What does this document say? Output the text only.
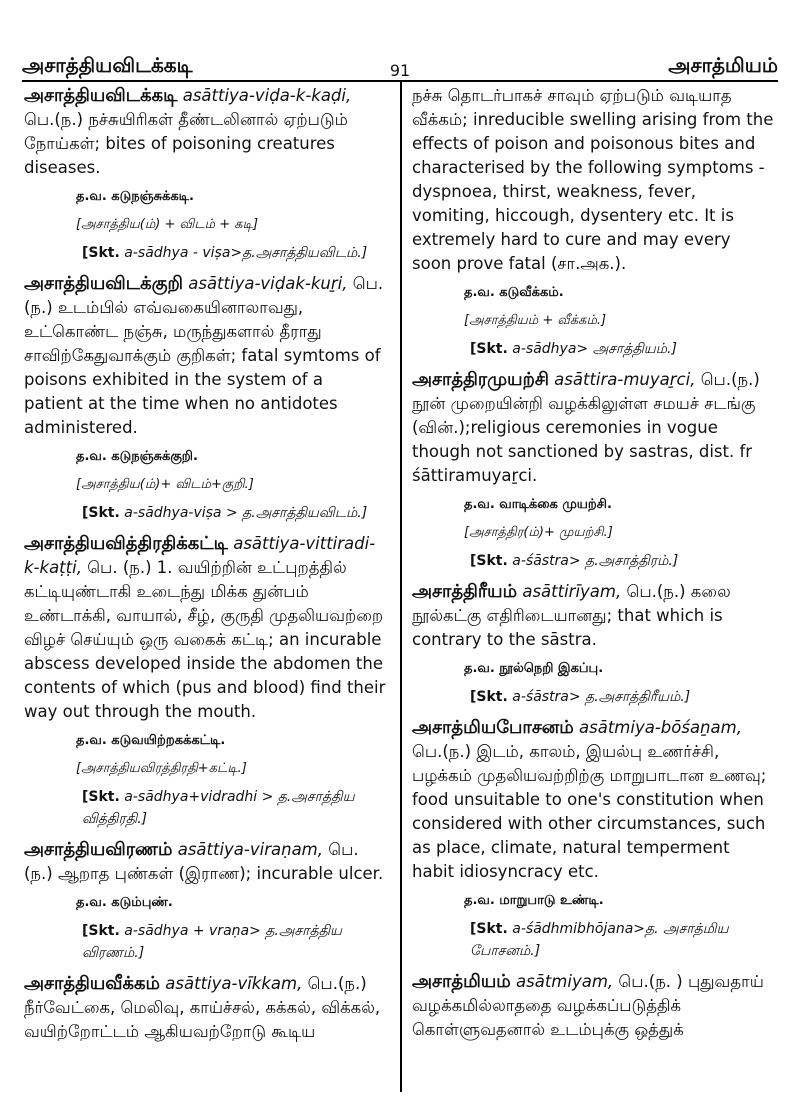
அசாத்தியவிடக்கடி	91	அசாத்மியம்
அசாத்தியவிடக்கடி asāttiya-viḍa-k-kaḍi, பெ.(ந.) நச்சுயிரிகள் தீண்டலினால் ஏற்படும் நோய்கள்; bites of poisoning creatures diseases.
த.வ. கடுநஞ்சுக்கடி.
[அசாத்திய(ம்) + விடம் + கடி]
[Skt. a-sādhya - viṣa>த.அசாத்தியவிடம்.]
அசாத்தியவிடக்குறி asāttiya-viḍak-kuṟi, பெ.(ந.) உடம்பில் எவ்வகையினாலாவது, உட்கொண்ட நஞ்சு, மருந்துகளால் தீராது சாவிற்கேதுவாக்கும் குறிகள்; fatal symtoms of poisons exhibited in the system of a patient at the time when no antidotes administered.
த.வ. கடுநஞ்சுக்குறி.
[அசாத்திய(ம்)+ விடம்+குறி.]
[Skt. a-sādhya-viṣa > த.அசாத்தியவிடம்.]
அசாத்தியவித்திரதிக்கட்டி asāttiya-vittiradi-k-kaṭṭi, பெ. (ந.) 1. வயிற்றின் உட்புறத்தில் கட்டியுண்டாகி உடைந்து மிக்க துன்பம் உண்டாக்கி, வாயால், சீழ், குருதி முதலியவற்றை விழச் செய்யும் ஒரு வகைக் கட்டி; an incurable abscess developed inside the abdomen the contents of which (pus and blood) find their way out through the mouth.
த.வ. கடுவயிற்றகக்கட்டி.
[அசாத்தியவிரத்திரதி+கட்டி.]
[Skt. a-sādhya+vidradhi > த.அசாத்திய வித்திரதி.]
அசாத்தியவிரணம் asāttiya-viraṇam, பெ.(ந.) ஆறாத புண்கள் (இராண); incurable ulcer.
த.வ. கடும்புண்.
[Skt. a-sādhya + vraṇa> த.அசாத்திய விரணம்.]
அசாத்தியவீக்கம் asāttiya-vīkkam, பெ.(ந.) நீர்வேட்கை, மெலிவு, காய்ச்சல், கக்கல், விக்கல், வயிற்றோட்டம் ஆகியவற்றோடு கூடிய
நச்சு தொடர்பாகச் சாவும் ஏற்படும் வடியாத வீக்கம்; inreducible swelling arising from the effects of poison and poisonous bites and characterised by the following symptoms - dyspnoea, thirst, weakness, fever, vomiting, hiccough, dysentery etc. It is extremely hard to cure and may every soon prove fatal (சா.அக.).
த.வ. கடுவீக்கம்.
[அசாத்தியம் + வீக்கம்.]
[Skt. a-sādhya> அசாத்தியம்.]
அசாத்திரமுயற்சி asāttira-muyaṟci, பெ.(ந.) நூன் முறையின்றி வழக்கிலுள்ள சமயச் சடங்கு (வின்.);religious ceremonies in vogue though not sanctioned by sastras, dist. fr śāttiramuyaṟci.
த.வ. வாடிக்கை முயற்சி.
[அசாத்திர(ம்)+ முயற்சி.]
[Skt. a-śāstra> த.அசாத்திரம்.]
அசாத்திரீயம் asāttirīyam, பெ.(ந.) கலை நூல்கட்கு எதிரிடையானது; that which is contrary to the sāstra.
த.வ. நூல்நெறி இகப்பு.
[Skt. a-śāstra> த.அசாத்திரீயம்.]
அசாத்மியபோசனம் asātmiya-bōśaṉam, பெ.(ந.) இடம், காலம், இயல்பு உணர்ச்சி, பழக்கம் முதலியவற்றிற்கு மாறுபாடான உணவு; food unsuitable to one's constitution when considered with other circumstances, such as place, climate, natural temperment habit idiosyncracy etc.
த.வ. மாறுபாடு உண்டி.
[Skt. a-śādhmibhōjana>த. அசாத்மிய போசனம்.]
அசாத்மியம் asātmiyam, பெ.(ந. ) புதுவதாய் வழக்கமில்லாததை வழக்கப்படுத்திக் கொள்ளுவதனால் உடம்புக்கு ஒத்துக்
